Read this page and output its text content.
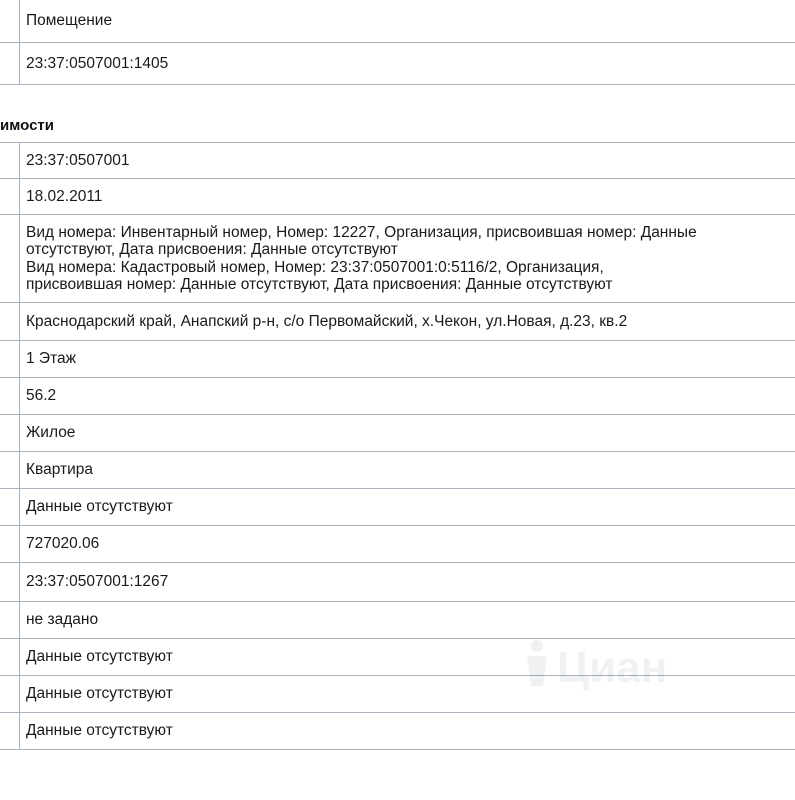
	Помещение
	23:37:0507001:1405
имости
	23:37:0507001
	18.02.2011

	Вид номера: Инвентарный номер, Номер: 12227, Организация, присвоившая номер: Данные
отсутствуют, Дата присвоения: Данные отсутствуют
Вид номера: Кадастровый номер, Номер: 23:37:0507001:0:5116/2, Организация,
присвоившая номер: Данные отсутствуют, Дата присвоения: Данные отсутствуют

	Краснодарский край, Анапский р-н, с/о Первомайский, х.Чекон, ул.Новая, д.23, кв.2
	1 Этаж
	56.2
	Жилое
	Квартира
	Данные отсутствуют
	727020.06
	23:37:0507001:1267
	не задано
	Данные отсутствуют
	Данные отсутствуют
	Данные отсутствуют
Циан
